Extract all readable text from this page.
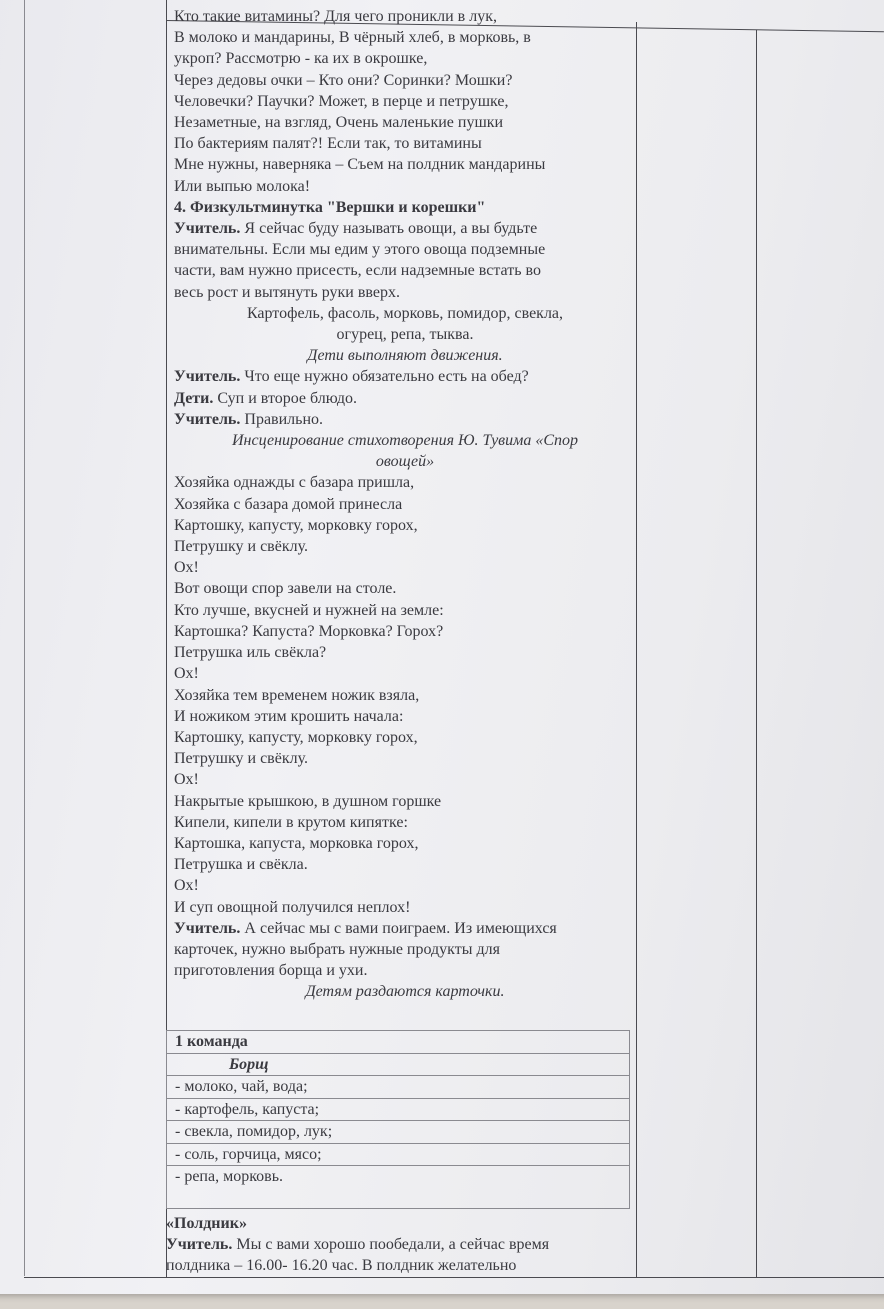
Кто такие витамины? Для чего проникли в лук,

В молоко и мандарины, В чёрный хлеб, в морковь, в

укроп? Рассмотрю - ка их в окрошке,

Через дедовы очки – Кто они? Соринки? Мошки?

Человечки? Паучки? Может, в перце и петрушке,

Незаметные, на взгляд, Очень маленькие пушки

По бактериям палят?! Если так, то витамины

Мне нужны, наверняка – Съем на полдник мандарины

Или выпью молока!

4. Физкультминутка "Вершки и корешки"

Учитель. Я сейчас буду называть овощи, а вы будьте

внимательны. Если мы едим у этого овоща подземные

части, вам нужно присесть, если надземные встать во

весь рост и вытянуть руки вверх.

Картофель, фасоль, морковь, помидор, свекла,

огурец, репа, тыква.

Дети выполняют движения.

Учитель. Что еще нужно обязательно есть на обед?

Дети. Суп и второе блюдо.

Учитель. Правильно.

Инсценирование стихотворения Ю. Тувима «Спор

овощей»

Хозяйка однажды с базара пришла,

Хозяйка с базара домой принесла

Картошку, капусту, морковку горох,

Петрушку и свёклу.

Ох!

Вот овощи спор завели на столе.

Кто лучше, вкусней и нужней на земле:

Картошка? Капуста? Морковка? Горох?

Петрушка иль свёкла?

Ох!

Хозяйка тем временем ножик взяла,

И ножиком этим крошить начала:

Картошку, капусту, морковку горох,

Петрушку и свёклу.

Ох!

Накрытые крышкою, в душном горшке

Кипели, кипели в крутом кипятке:

Картошка, капуста, морковка горох,

Петрушка и свёкла.

Ох!

И суп овощной получился неплох!

Учитель. А сейчас мы с вами поиграем. Из имеющихся

карточек, нужно выбрать нужные продукты для

приготовления борща и ухи.

Детям раздаются карточки.

1 команда
Борщ
- молоко, чай, вода;
- картофель, капуста;
- свекла, помидор, лук;
- соль, горчица, мясо;
- репа, морковь.

«Полдник»

Учитель. Мы с вами хорошо пообедали, а сейчас время

полдника – 16.00- 16.20 час. В полдник желательно
